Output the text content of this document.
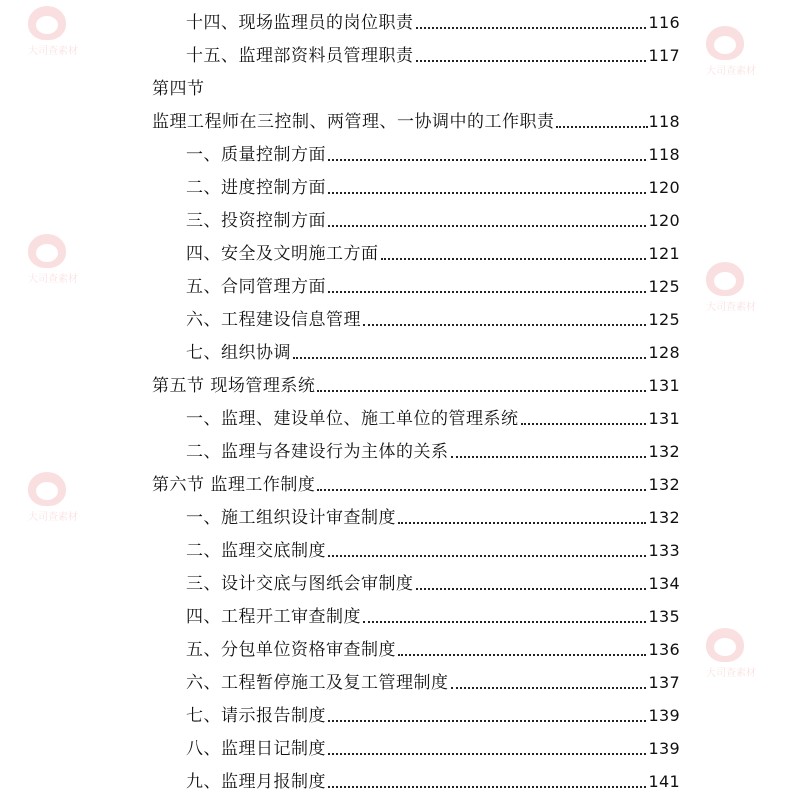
十四、现场监理员的岗位职责	116
十五、监理部资料员管理职责	117
第四节
监理工程师在三控制、两管理、一协调中的工作职责	118
一、质量控制方面	118
二、进度控制方面	120
三、投资控制方面	120
四、安全及文明施工方面	121
五、合同管理方面	125
六、工程建设信息管理	125
七、组织协调	128
第五节 现场管理系统	131
一、监理、建设单位、施工单位的管理系统	131
二、监理与各建设行为主体的关系	132
第六节 监理工作制度	132
一、施工组织设计审查制度	132
二、监理交底制度	133
三、设计交底与图纸会审制度	134
四、工程开工审查制度	135
五、分包单位资格审查制度	136
六、工程暂停施工及复工管理制度	137
七、请示报告制度	139
八、监理日记制度	139
九、监理月报制度	141
大司查素材
大司查素材
大司查素材
大司查素材
大司查素材
大司查素材
